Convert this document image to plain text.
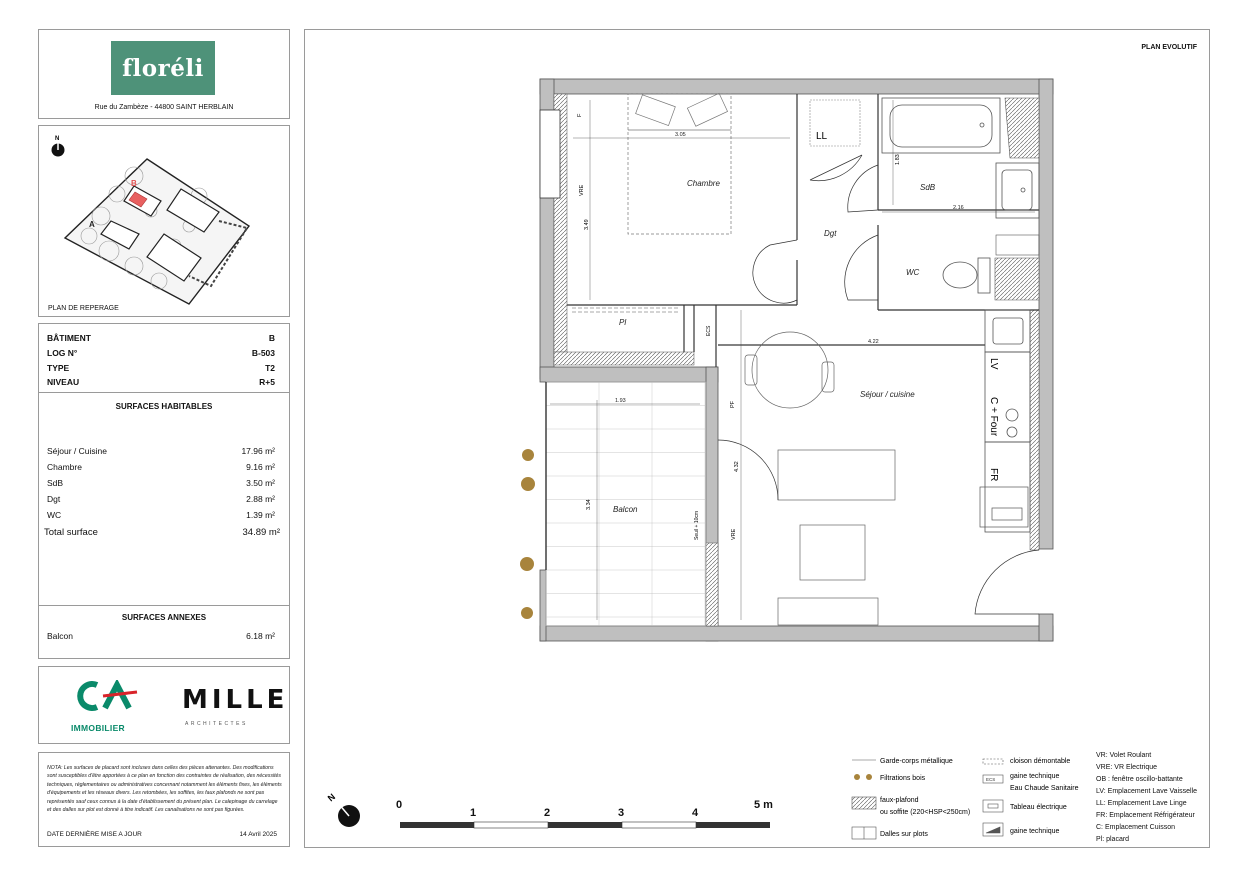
floréli
Rue du Zambèze - 44800 SAINT HERBLAIN
N
A
B
PLAN DE REPERAGE
BÂTIMENT	B
LOG N°	B-503
TYPE	T2
NIVEAU	R+5
SURFACES HABITABLES
Séjour / Cuisine	17.96 m²
Chambre	9.16 m²
SdB	3.50 m²
Dgt	2.88 m²
WC	1.39 m²
Total surface	34.89 m²
SURFACES ANNEXES
Balcon	6.18 m²
IMMOBILIER
MILLE
ARCHITECTES
NOTA: Les surfaces de placard sont incluses dans celles des pièces attenantes. Des modifications sont susceptibles d'être apportées à ce plan en fonction des contraintes de réalisation, des nécessités techniques, réglementaires ou administratives concernant notamment les éléments fixes, les éléments d'équipements et les réseaux divers. Les retombées, les soffites, les faux plafonds ne sont pas représentés sauf ceux connus à la date d'établissement du présent plan. Le calepinage du carrelage et des dalles sur plot est donné à titre indicatif. Les canalisations ne sont pas figurées.
DATE DERNIÈRE MISE A JOUR	14 Avril 2025
PLAN EVOLUTIF
Chambre	SdB
Dgt
WC
Séjour / cuisine
Balcon
Pl
LL
LV
C + Four
FR
3.05
2.16
4.22
1.93
3.49
1.83
4.32
3.34
F
VRE
ECS
PF
Seuil + 10cm	VRE
0
1	2	3	4
5 m
N
ECS
Garde-corps métallique
Filtrations bois
faux-plafond
ou soffite (220<HSP<250cm)
Dalles sur plots
cloison démontable
gaine technique
Eau Chaude Sanitaire
Tableau électrique
gaine technique
VR: Volet Roulant
VRE: VR Electrique
OB : fenêtre oscillo-battante
LV: Emplacement Lave Vaisselle
LL: Emplacement Lave Linge
FR: Emplacement Réfrigérateur
C: Emplacement Cuisson
Pl: placard
